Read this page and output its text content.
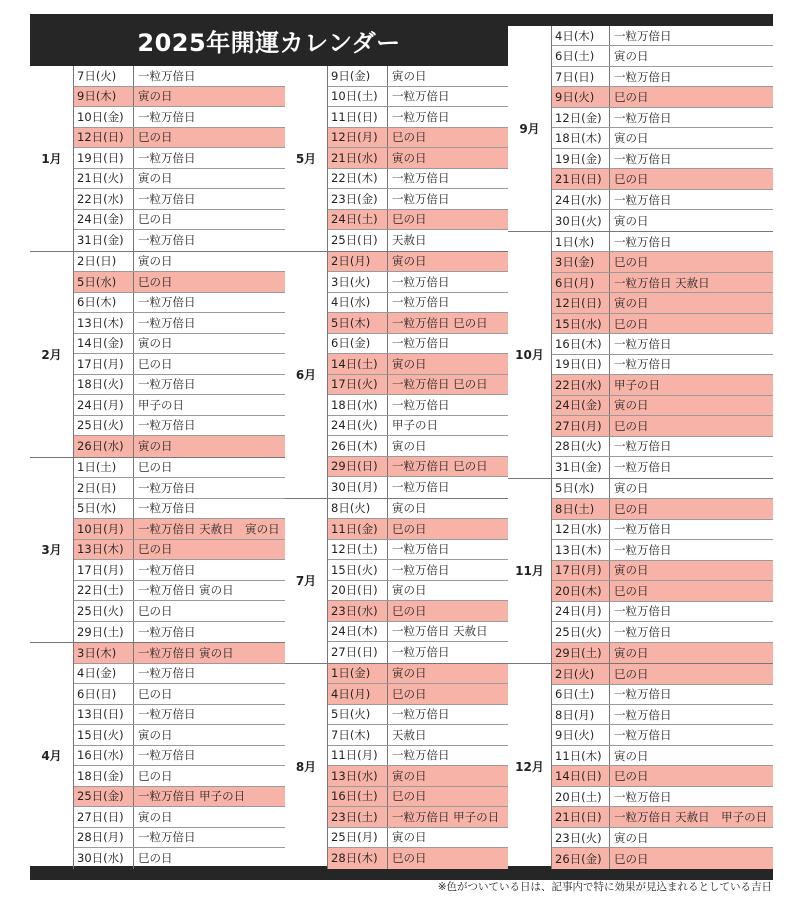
2025年開運カレンダー
1月
7日(火)	一粒万倍日
9日(木)	寅の日
10日(金)	一粒万倍日
12日(日)	巳の日
19日(日)	一粒万倍日
21日(火)	寅の日
22日(水)	一粒万倍日
24日(金)	巳の日
31日(金)	一粒万倍日
2月
2日(日)	寅の日
5日(水)	巳の日
6日(木)	一粒万倍日
13日(木)	一粒万倍日
14日(金)	寅の日
17日(月)	巳の日
18日(火)	一粒万倍日
24日(月)	甲子の日
25日(火)	一粒万倍日
26日(水)	寅の日
3月
1日(土)	巳の日
2日(日)	一粒万倍日
5日(水)	一粒万倍日
10日(月)	一粒万倍日 天赦日　寅の日
13日(木)	巳の日
17日(月)	一粒万倍日
22日(土)	一粒万倍日 寅の日
25日(火)	巳の日
29日(土)	一粒万倍日
4月
3日(木)	一粒万倍日 寅の日
4日(金)	一粒万倍日
6日(日)	巳の日
13日(日)	一粒万倍日
15日(火)	寅の日
16日(水)	一粒万倍日
18日(金)	巳の日
25日(金)	一粒万倍日 甲子の日
27日(日)	寅の日
28日(月)	一粒万倍日
30日(水)	巳の日
5月
9日(金)	寅の日
10日(土)	一粒万倍日
11日(日)	一粒万倍日
12日(月)	巳の日
21日(水)	寅の日
22日(木)	一粒万倍日
23日(金)	一粒万倍日
24日(土)	巳の日
25日(日)	天赦日
6月
2日(月)	寅の日
3日(火)	一粒万倍日
4日(水)	一粒万倍日
5日(木)	一粒万倍日 巳の日
6日(金)	一粒万倍日
14日(土)	寅の日
17日(火)	一粒万倍日 巳の日
18日(水)	一粒万倍日
24日(火)	甲子の日
26日(木)	寅の日
29日(日)	一粒万倍日 巳の日
30日(月)	一粒万倍日
7月
8日(火)	寅の日
11日(金)	巳の日
12日(土)	一粒万倍日
15日(火)	一粒万倍日
20日(日)	寅の日
23日(水)	巳の日
24日(木)	一粒万倍日 天赦日
27日(日)	一粒万倍日
8月
1日(金)	寅の日
4日(月)	巳の日
5日(火)	一粒万倍日
7日(木)	天赦日
11日(月)	一粒万倍日
13日(水)	寅の日
16日(土)	巳の日
23日(土)	一粒万倍日 甲子の日
25日(月)	寅の日
28日(木)	巳の日
9月
4日(木)	一粒万倍日
6日(土)	寅の日
7日(日)	一粒万倍日
9日(火)	巳の日
12日(金)	一粒万倍日
18日(木)	寅の日
19日(金)	一粒万倍日
21日(日)	巳の日
24日(水)	一粒万倍日
30日(火)	寅の日
10月
1日(水)	一粒万倍日
3日(金)	巳の日
6日(月)	一粒万倍日 天赦日
12日(日)	寅の日
15日(水)	巳の日
16日(木)	一粒万倍日
19日(日)	一粒万倍日
22日(水)	甲子の日
24日(金)	寅の日
27日(月)	巳の日
28日(火)	一粒万倍日
31日(金)	一粒万倍日
11月
5日(水)	寅の日
8日(土)	巳の日
12日(水)	一粒万倍日
13日(木)	一粒万倍日
17日(月)	寅の日
20日(木)	巳の日
24日(月)	一粒万倍日
25日(火)	一粒万倍日
29日(土)	寅の日
12月
2日(火)	巳の日
6日(土)	一粒万倍日
8日(月)	一粒万倍日
9日(火)	一粒万倍日
11日(木)	寅の日
14日(日)	巳の日
20日(土)	一粒万倍日
21日(日)	一粒万倍日 天赦日　甲子の日
23日(火)	寅の日
26日(金)	巳の日
※色がついている日は、記事内で特に効果が見込まれるとしている吉日
